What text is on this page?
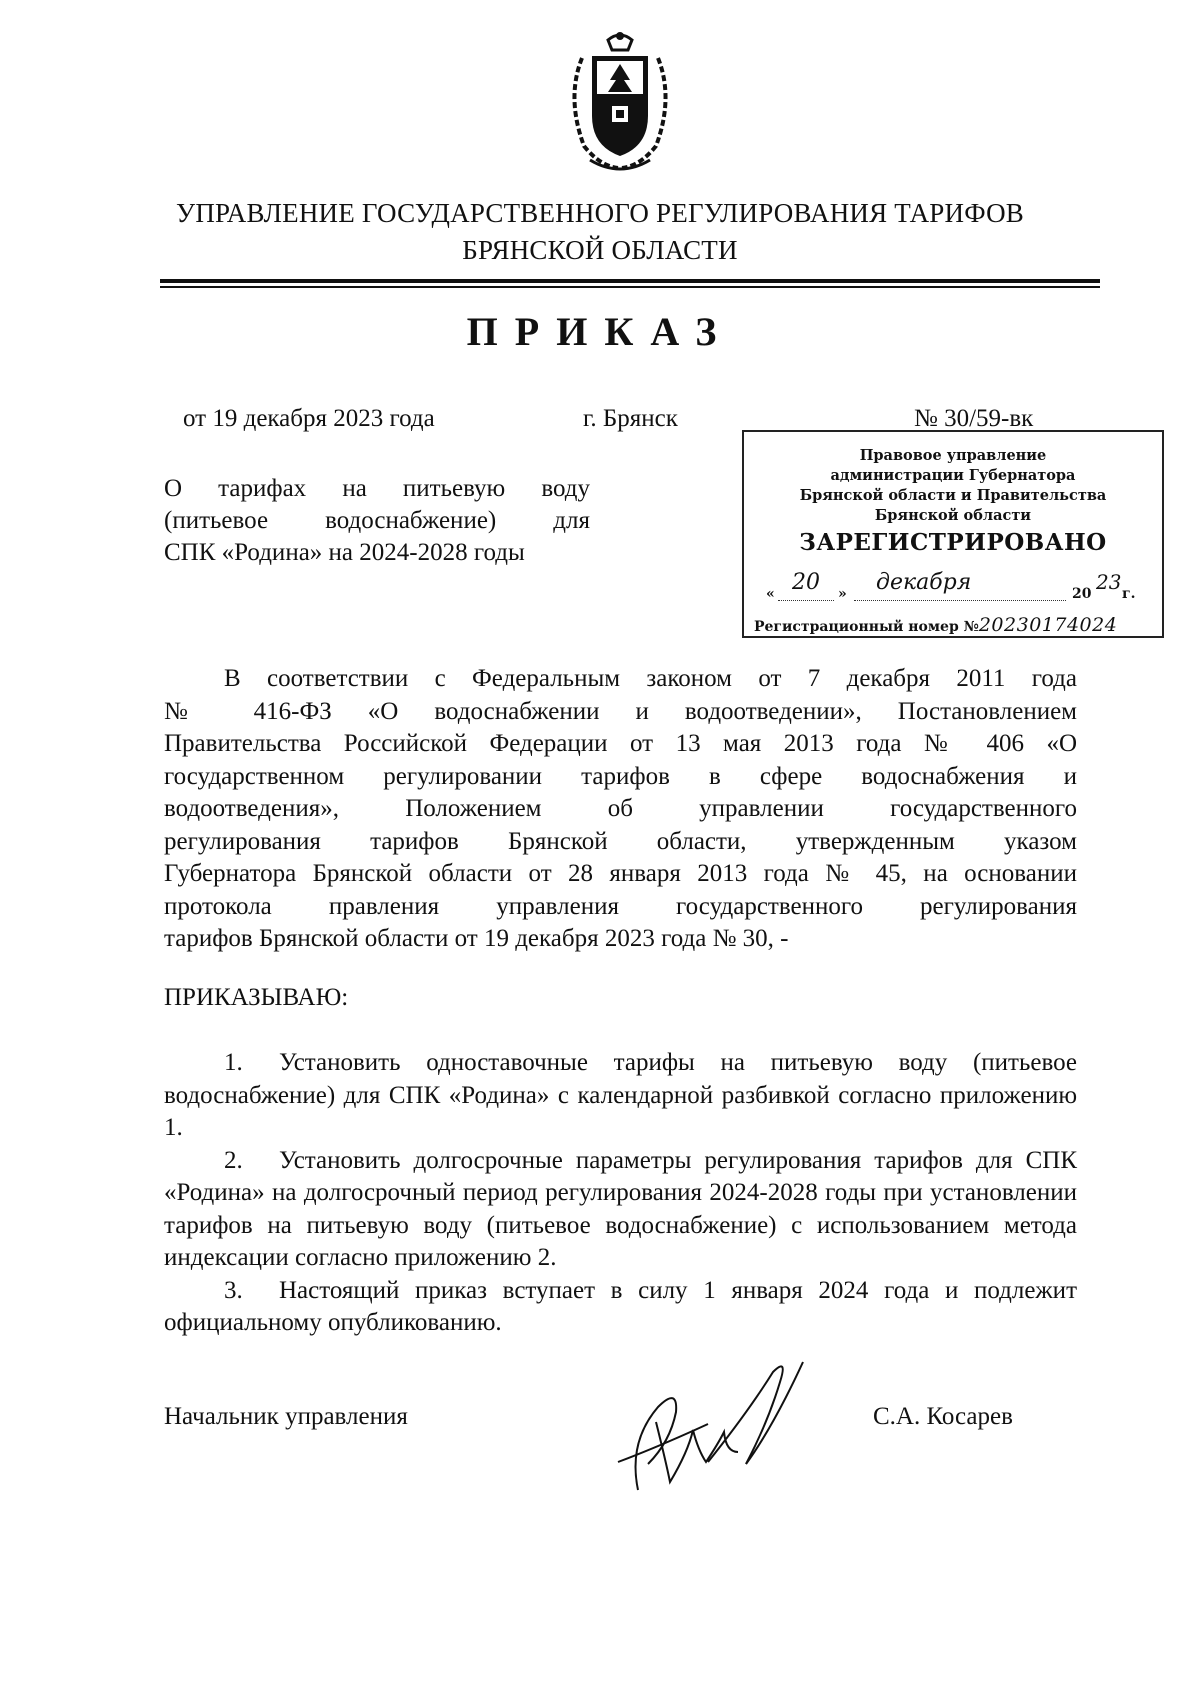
УПРАВЛЕНИЕ ГОСУДАРСТВЕННОГО РЕГУЛИРОВАНИЯ ТАРИФОВ
БРЯНСКОЙ ОБЛАСТИ
ПРИКАЗ
от 19 декабря 2023 года	г. Брянск	№ 30/59-вк
О тарифах на питьевую воду
(питьевое водоснабжение) для
СПК «Родина» на 2024-2028 годы
Правовое управление
администрации Губернатора
Брянской области и Правительства
Брянской области
ЗАРЕГИСТРИРОВАНО
« 20 » декабря	20 23 г.
Регистрационный номер №20230174024
В соответствии с Федеральным законом от 7 декабря 2011 года
№ 416-ФЗ «О водоснабжении и водоотведении», Постановлением
Правительства Российской Федерации от 13 мая 2013 года № 406 «О
государственном регулировании тарифов в сфере водоснабжения и
водоотведения», Положением об управлении государственного
регулирования тарифов Брянской области, утвержденным указом
Губернатора Брянской области от 28 января 2013 года № 45, на основании
протокола правления управления государственного регулирования
тарифов Брянской области от 19 декабря 2023 года № 30, -
ПРИКАЗЫВАЮ:
1. Установить одноставочные тарифы на питьевую воду (питьевое водоснабжение) для СПК «Родина» с календарной разбивкой согласно приложению 1.
2. Установить долгосрочные параметры регулирования тарифов для СПК «Родина» на долгосрочный период регулирования 2024-2028 годы при установлении тарифов на питьевую воду (питьевое водоснабжение) с использованием метода индексации согласно приложению 2.
3. Настоящий приказ вступает в силу 1 января 2024 года и подлежит официальному опубликованию.
Начальник управления	С.А. Косарев
